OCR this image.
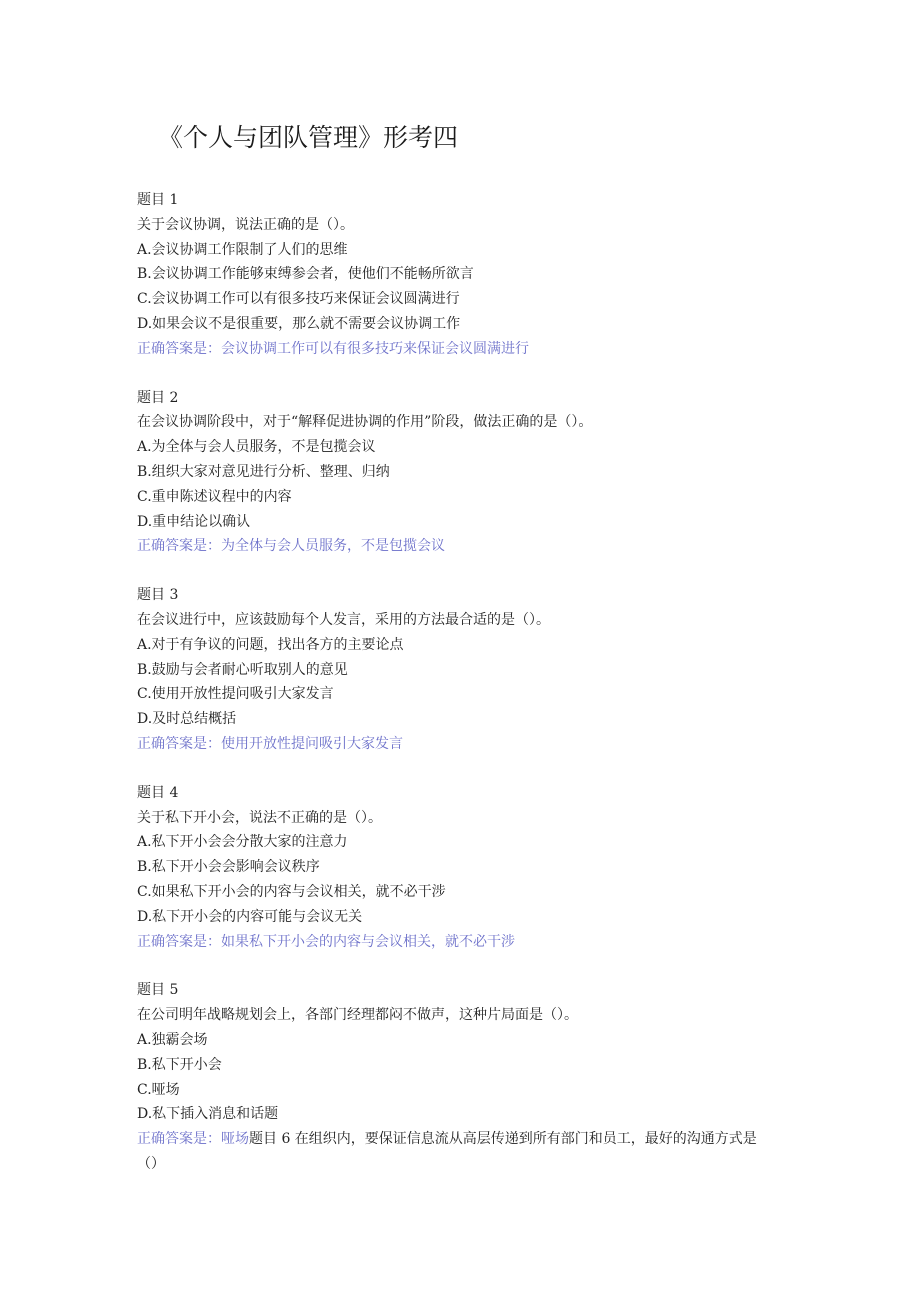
《个人与团队管理》形考四
题目 1
关于会议协调，说法正确的是（）。
A.会议协调工作限制了人们的思维
B.会议协调工作能够束缚参会者，使他们不能畅所欲言
C.会议协调工作可以有很多技巧来保证会议圆满进行
D.如果会议不是很重要，那么就不需要会议协调工作
正确答案是：会议协调工作可以有很多技巧来保证会议圆满进行
题目 2
在会议协调阶段中，对于“解释促进协调的作用”阶段，做法正确的是（）。
A.为全体与会人员服务，不是包揽会议
B.组织大家对意见进行分析、整理、归纳
C.重申陈述议程中的内容
D.重申结论以确认
正确答案是：为全体与会人员服务，不是包揽会议
题目 3
在会议进行中，应该鼓励每个人发言，采用的方法最合适的是（）。
A.对于有争议的问题，找出各方的主要论点
B.鼓励与会者耐心听取别人的意见
C.使用开放性提问吸引大家发言
D.及时总结概括
正确答案是：使用开放性提问吸引大家发言
题目 4
关于私下开小会，说法不正确的是（）。
A.私下开小会会分散大家的注意力
B.私下开小会会影响会议秩序
C.如果私下开小会的内容与会议相关，就不必干涉
D.私下开小会的内容可能与会议无关
正确答案是：如果私下开小会的内容与会议相关，就不必干涉
题目 5
在公司明年战略规划会上，各部门经理都闷不做声，这种片局面是（）。
A.独霸会场
B.私下开小会
C.哑场
D.私下插入消息和话题
正确答案是：哑场题目 6 在组织内，要保证信息流从高层传递到所有部门和员工，最好的沟通方式是（）
